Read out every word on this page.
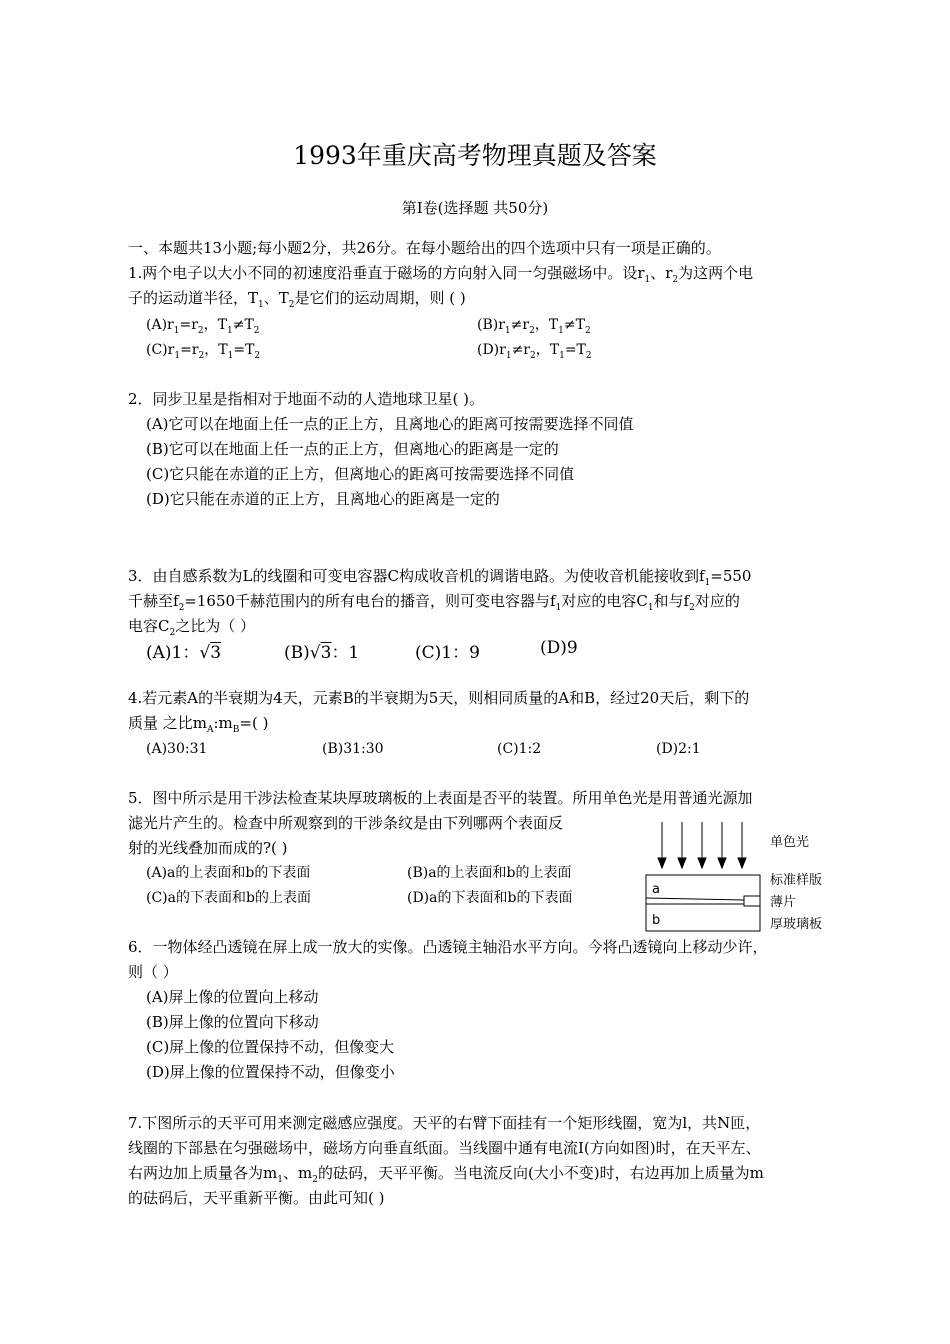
1993年重庆高考物理真题及答案
第Ⅰ卷(选择题 共50分)
一、本题共13小题;每小题2分，共26分。在每小题给出的四个选项中只有一项是正确的。
1.两个电子以大小不同的初速度沿垂直于磁场的方向射入同一匀强磁场中。设$r_1$、$r_2$为这两个电
子的运动道半径，$T_1$、$T_2$是它们的运动周期，则 ( )
$(A)r_1=r_2$，$T_1\ne T_2$	$(B)r_1\ne r_2$，$T_1\ne T_2$
$(C)r_1=r_2$，$T_1=T_2$	$(D)r_1\ne r_2$，$T_1=T_2$
2．同步卫星是指相对于地面不动的人造地球卫星( )。
(A)它可以在地面上任一点的正上方，且离地心的距离可按需要选择不同值
(B)它可以在地面上任一点的正上方，但离地心的距离是一定的
(C)它只能在赤道的正上方，但离地心的距离可按需要选择不同值
(D)它只能在赤道的正上方，且离地心的距离是一定的
3．由自感系数为L的线圈和可变电容器C构成收音机的调谐电路。为使收音机能接收到$f_1=550$
千赫至$f_2=1650$千赫范围内的所有电台的播音，则可变电容器与$f_1$对应的电容$C_1$和与$f_2$对应的
电容$C_2$之比为（ ）
(A)1：√3	(B)√3：1	(C)1：9	(D)9
4.若元素A的半衰期为4天，元素B的半衰期为5天，则相同质量的A和B，经过20天后，剩下的
质量 之比$m_A:m_B=$( )
(A)30:31	(B)31:30	(C)1:2	(D)2:1
5．图中所示是用干涉法检查某块厚玻璃板的上表面是否平的装置。所用单色光是用普通光源加
滤光片产生的。检查中所观察到的干涉条纹是由下列哪两个表面反
射的光线叠加而成的?( )
(A)a的上表面和b的下表面	(B)a的上表面和b的上表面
(C)a的下表面和b的上表面	(D)a的下表面和b的下表面
a
b
单色光
标准样版
薄片
厚玻璃板
6．一物体经凸透镜在屏上成一放大的实像。凸透镜主轴沿水平方向。今将凸透镜向上移动少许，
则（ ）
(A)屏上像的位置向上移动
(B)屏上像的位置向下移动
(C)屏上像的位置保持不动，但像变大
(D)屏上像的位置保持不动，但像变小
7.下图所示的天平可用来测定磁感应强度。天平的右臂下面挂有一个矩形线圈，宽为l，共N匝，
线圈的下部悬在匀强磁场中，磁场方向垂直纸面。当线圈中通有电流I(方向如图)时，在天平左、
右两边加上质量各为$m_1$、$m_2$的砝码，天平平衡。当电流反向(大小不变)时，右边再加上质量为m
的砝码后，天平重新平衡。由此可知( )
